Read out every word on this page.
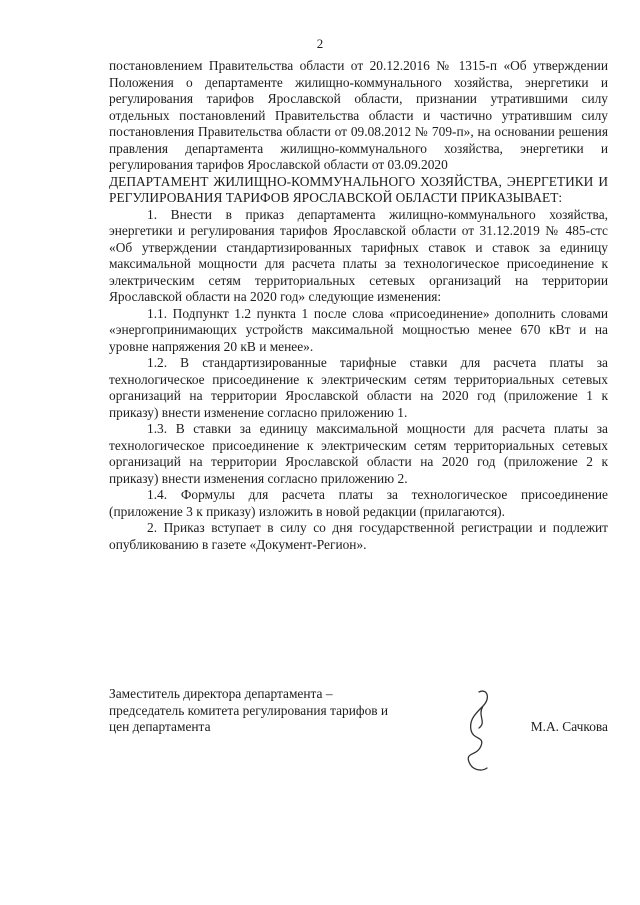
2

постановлением Правительства области от 20.12.2016 № 1315-п «Об утверждении Положения о департаменте жилищно-коммунального хозяйства, энергетики и регулирования тарифов Ярославской области, признании утратившими силу отдельных постановлений Правительства области и частично утратившим силу постановления Правительства области от 09.08.2012 № 709-п», на основании решения правления департамента жилищно-коммунального хозяйства, энергетики и регулирования тарифов Ярославской области от 03.09.2020

ДЕПАРТАМЕНТ ЖИЛИЩНО-КОММУНАЛЬНОГО ХОЗЯЙСТВА, ЭНЕРГЕТИКИ И РЕГУЛИРОВАНИЯ ТАРИФОВ ЯРОСЛАВСКОЙ ОБЛАСТИ ПРИКАЗЫВАЕТ:

1. Внести в приказ департамента жилищно-коммунального хозяйства, энергетики и регулирования тарифов Ярославской области от 31.12.2019 № 485-стс «Об утверждении стандартизированных тарифных ставок и ставок за единицу максимальной мощности для расчета платы за технологическое присоединение к электрическим сетям территориальных сетевых организаций на территории Ярославской области на 2020 год» следующие изменения:

1.1. Подпункт 1.2 пункта 1 после слова «присоединение» дополнить словами «энергопринимающих устройств максимальной мощностью менее 670 кВт и на уровне напряжения 20 кВ и менее».

1.2. В стандартизированные тарифные ставки для расчета платы за технологическое присоединение к электрическим сетям территориальных сетевых организаций на территории Ярославской области на 2020 год (приложение 1 к приказу) внести изменение согласно приложению 1.

1.3. В ставки за единицу максимальной мощности для расчета платы за технологическое присоединение к электрическим сетям территориальных сетевых организаций на территории Ярославской области на 2020 год (приложение 2 к приказу) внести изменения согласно приложению 2.

1.4. Формулы для расчета платы за технологическое присоединение (приложение 3 к приказу) изложить в новой редакции (прилагаются).

2. Приказ вступает в силу со дня государственной регистрации и подлежит опубликованию в газете «Документ-Регион».

Заместитель директора департамента – председатель комитета регулирования тарифов и цен департамента	М.А. Сачкова
